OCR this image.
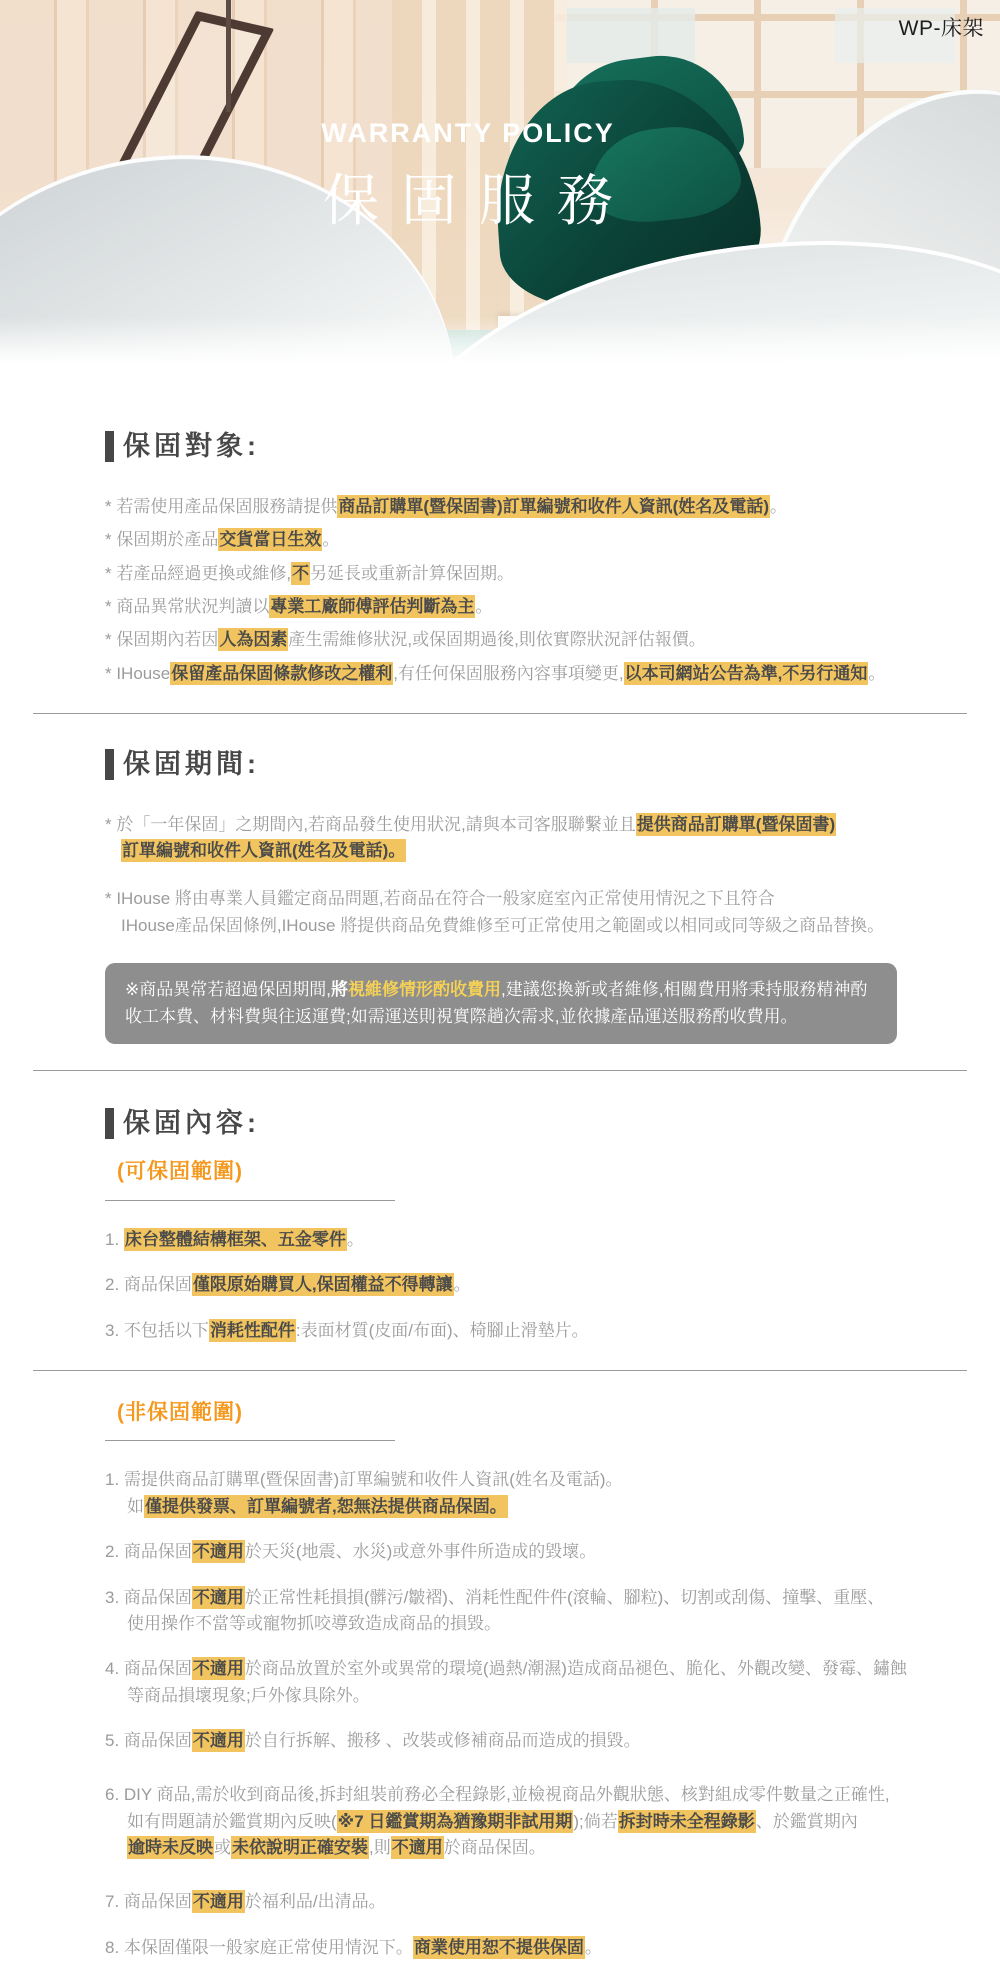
WARRANTY POLICY
保固服務
WP-床架
保固對象:

* 若需使用產品保固服務請提供商品訂購單(暨保固書)訂單編號和收件人資訊(姓名及電話)。

* 保固期於產品交貨當日生效。

* 若產品經過更換或維修,不另延長或重新計算保固期。

* 商品異常狀況判讀以專業工廠師傅評估判斷為主。

* 保固期內若因人為因素產生需維修狀況,或保固期過後,則依實際狀況評估報價。

* IHouse保留產品保固條款修改之權利,有任何保固服務內容事項變更,以本司網站公告為準,不另行通知。

保固期間:

* 於「一年保固」之期間內,若商品發生使用狀況,請與本司客服聯繫並且提供商品訂購單(暨保固書)
訂單編號和收件人資訊(姓名及電話)。

* IHouse 將由專業人員鑑定商品問題,若商品在符合一般家庭室內正常使用情況之下且符合
IHouse產品保固條例,IHouse 將提供商品免費維修至可正常使用之範圍或以相同或同等級之商品替換。

※商品異常若超過保固期間,將視維修情形酌收費用,建議您換新或者維修,相關費用將秉持服務精神酌收工本費、材料費與往返運費;如需運送則視實際趟次需求,並依據產品運送服務酌收費用。
保固內容:
(可保固範圍)

1. 床台整體結構框架、五金零件。

2. 商品保固僅限原始購買人,保固權益不得轉讓。

3. 不包括以下消耗性配件:表面材質(皮面/布面)、椅腳止滑墊片。

(非保固範圍)

1. 需提供商品訂購單(暨保固書)訂單編號和收件人資訊(姓名及電話)。
如僅提供發票、訂單編號者,恕無法提供商品保固。

2. 商品保固不適用於天災(地震、水災)或意外事件所造成的毀壞。

3. 商品保固不適用於正常性耗損損(髒污/皺褶)、消耗性配件件(滾輪、腳粒)、切割或刮傷、撞擊、重壓、
使用操作不當等或寵物抓咬導致造成商品的損毀。

4. 商品保固不適用於商品放置於室外或異常的環境(過熱/潮濕)造成商品褪色、脆化、外觀改變、發霉、鏽蝕
等商品損壞現象;戶外傢具除外。

5. 商品保固不適用於自行拆解、搬移 、改裝或修補商品而造成的損毀。

6. DIY 商品,需於收到商品後,拆封組裝前務必全程錄影,並檢視商品外觀狀態、核對組成零件數量之正確性,
如有問題請於鑑賞期內反映(※7 日鑑賞期為猶豫期非試用期);倘若拆封時未全程錄影、於鑑賞期內
逾時未反映或未依說明正確安裝,則不適用於商品保固。

7. 商品保固不適用於福利品/出清品。

8. 本保固僅限一般家庭正常使用情況下。商業使用恕不提供保固。
